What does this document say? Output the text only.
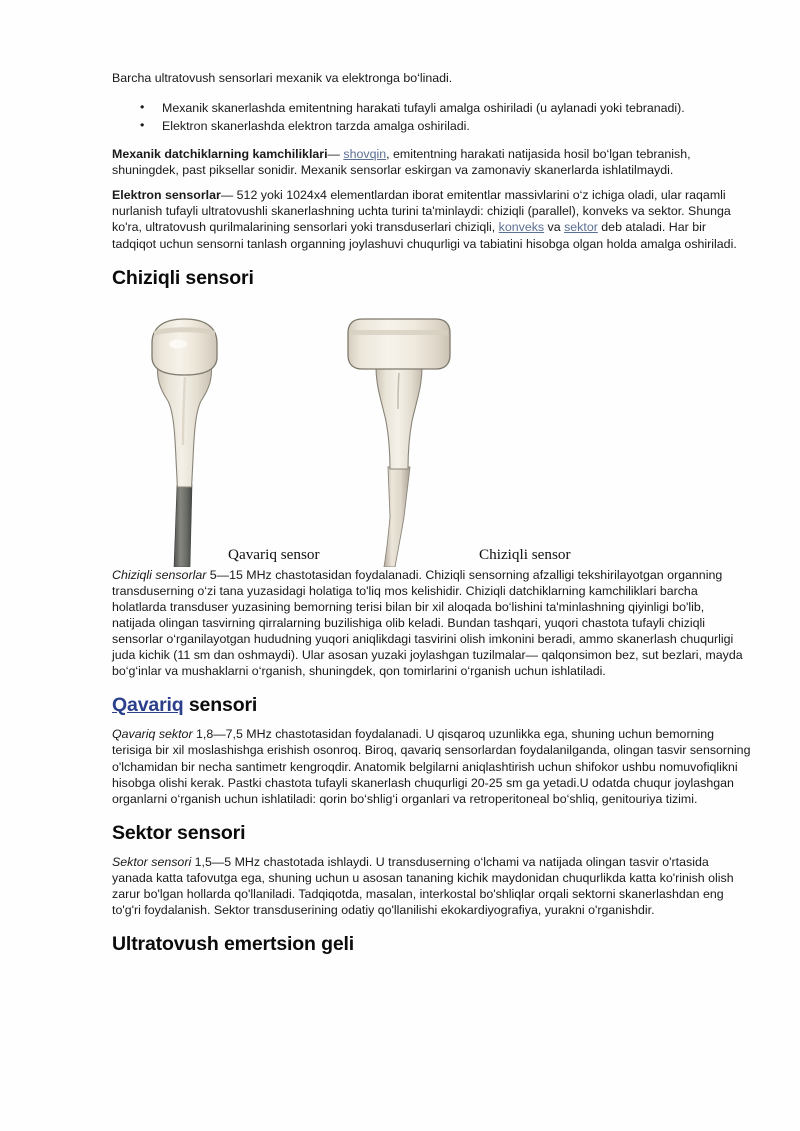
Barcha ultratovush sensorlari mexanik va elektronga bo‘linadi.

• Mexanik skanerlashda emitentning harakati tufayli amalga oshiriladi (u aylanadi yoki tebranadi).
• Elektron skanerlashda elektron tarzda amalga oshiriladi.

Mexanik datchiklarning kamchiliklari— shovqin, emitentning harakati natijasida hosil bo‘lgan tebranish, shuningdek, past piksellar sonidir. Mexanik sensorlar eskirgan va zamonaviy skanerlarda ishlatilmaydi.

Elektron sensorlar— 512 yoki 1024x4 elementlardan iborat emitentlar massivlarini o‘z ichiga oladi, ular raqamli nurlanish tufayli ultratovushli skanerlashning uchta turini ta'minlaydi: chiziqli (parallel), konveks va sektor. Shunga ko'ra, ultratovush qurilmalarining sensorlari yoki transduserlari chiziqli, konveks va sektor deb ataladi. Har bir tadqiqot uchun sensorni tanlash organning joylashuvi chuqurligi va tabiatini hisobga olgan holda amalga oshiriladi.

Chiziqli sensori
Qavariq sensor	Chiziqli sensor

Chiziqli sensorlar 5—15 MHz chastotasidan foydalanadi. Chiziqli sensorning afzalligi tekshirilayotgan organning transduserning o‘zi tana yuzasidagi holatiga to'liq mos kelishidir. Chiziqli datchiklarning kamchiliklari barcha holatlarda transduser yuzasining bemorning terisi bilan bir xil aloqada bo‘lishini ta'minlashning qiyinligi bo'lib, natijada olingan tasvirning qirralarning buzilishiga olib keladi. Bundan tashqari, yuqori chastota tufayli chiziqli sensorlar o‘rganilayotgan hududning yuqori aniqlikdagi tasvirini olish imkonini beradi, ammo skanerlash chuqurligi juda kichik (11 sm dan oshmaydi). Ular asosan yuzaki joylashgan tuzilmalar— qalqonsimon bez, sut bezlari, mayda bo‘g‘inlar va mushaklarni o‘rganish, shuningdek, qon tomirlarini o‘rganish uchun ishlatiladi.

Qavariq sensori

Qavariq sektor 1,8—7,5 MHz chastotasidan foydalanadi. U qisqaroq uzunlikka ega, shuning uchun bemorning terisiga bir xil moslashishga erishish osonroq. Biroq, qavariq sensorlardan foydalanilganda, olingan tasvir sensorning o'lchamidan bir necha santimetr kengroqdir. Anatomik belgilarni aniqlashtirish uchun shifokor ushbu nomuvofiqlikni hisobga olishi kerak. Pastki chastota tufayli skanerlash chuqurligi 20-25 sm ga yetadi.U odatda chuqur joylashgan organlarni o‘rganish uchun ishlatiladi: qorin bo‘shlig‘i organlari va retroperitoneal bo‘shliq, genitouriya tizimi.

Sektor sensori

Sektor sensori 1,5—5 MHz chastotada ishlaydi. U transduserning o‘lchami va natijada olingan tasvir o'rtasida yanada katta tafovutga ega, shuning uchun u asosan tananing kichik maydonidan chuqurlikda katta ko'rinish olish zarur bo'lgan hollarda qo'llaniladi. Tadqiqotda, masalan, interkostal bo'shliqlar orqali sektorni skanerlashdan eng to'g'ri foydalanish. Sektor transduserining odatiy qo'llanilishi ekokardiyografiya, yurakni o'rganishdir.

Ultratovush emertsion geli
